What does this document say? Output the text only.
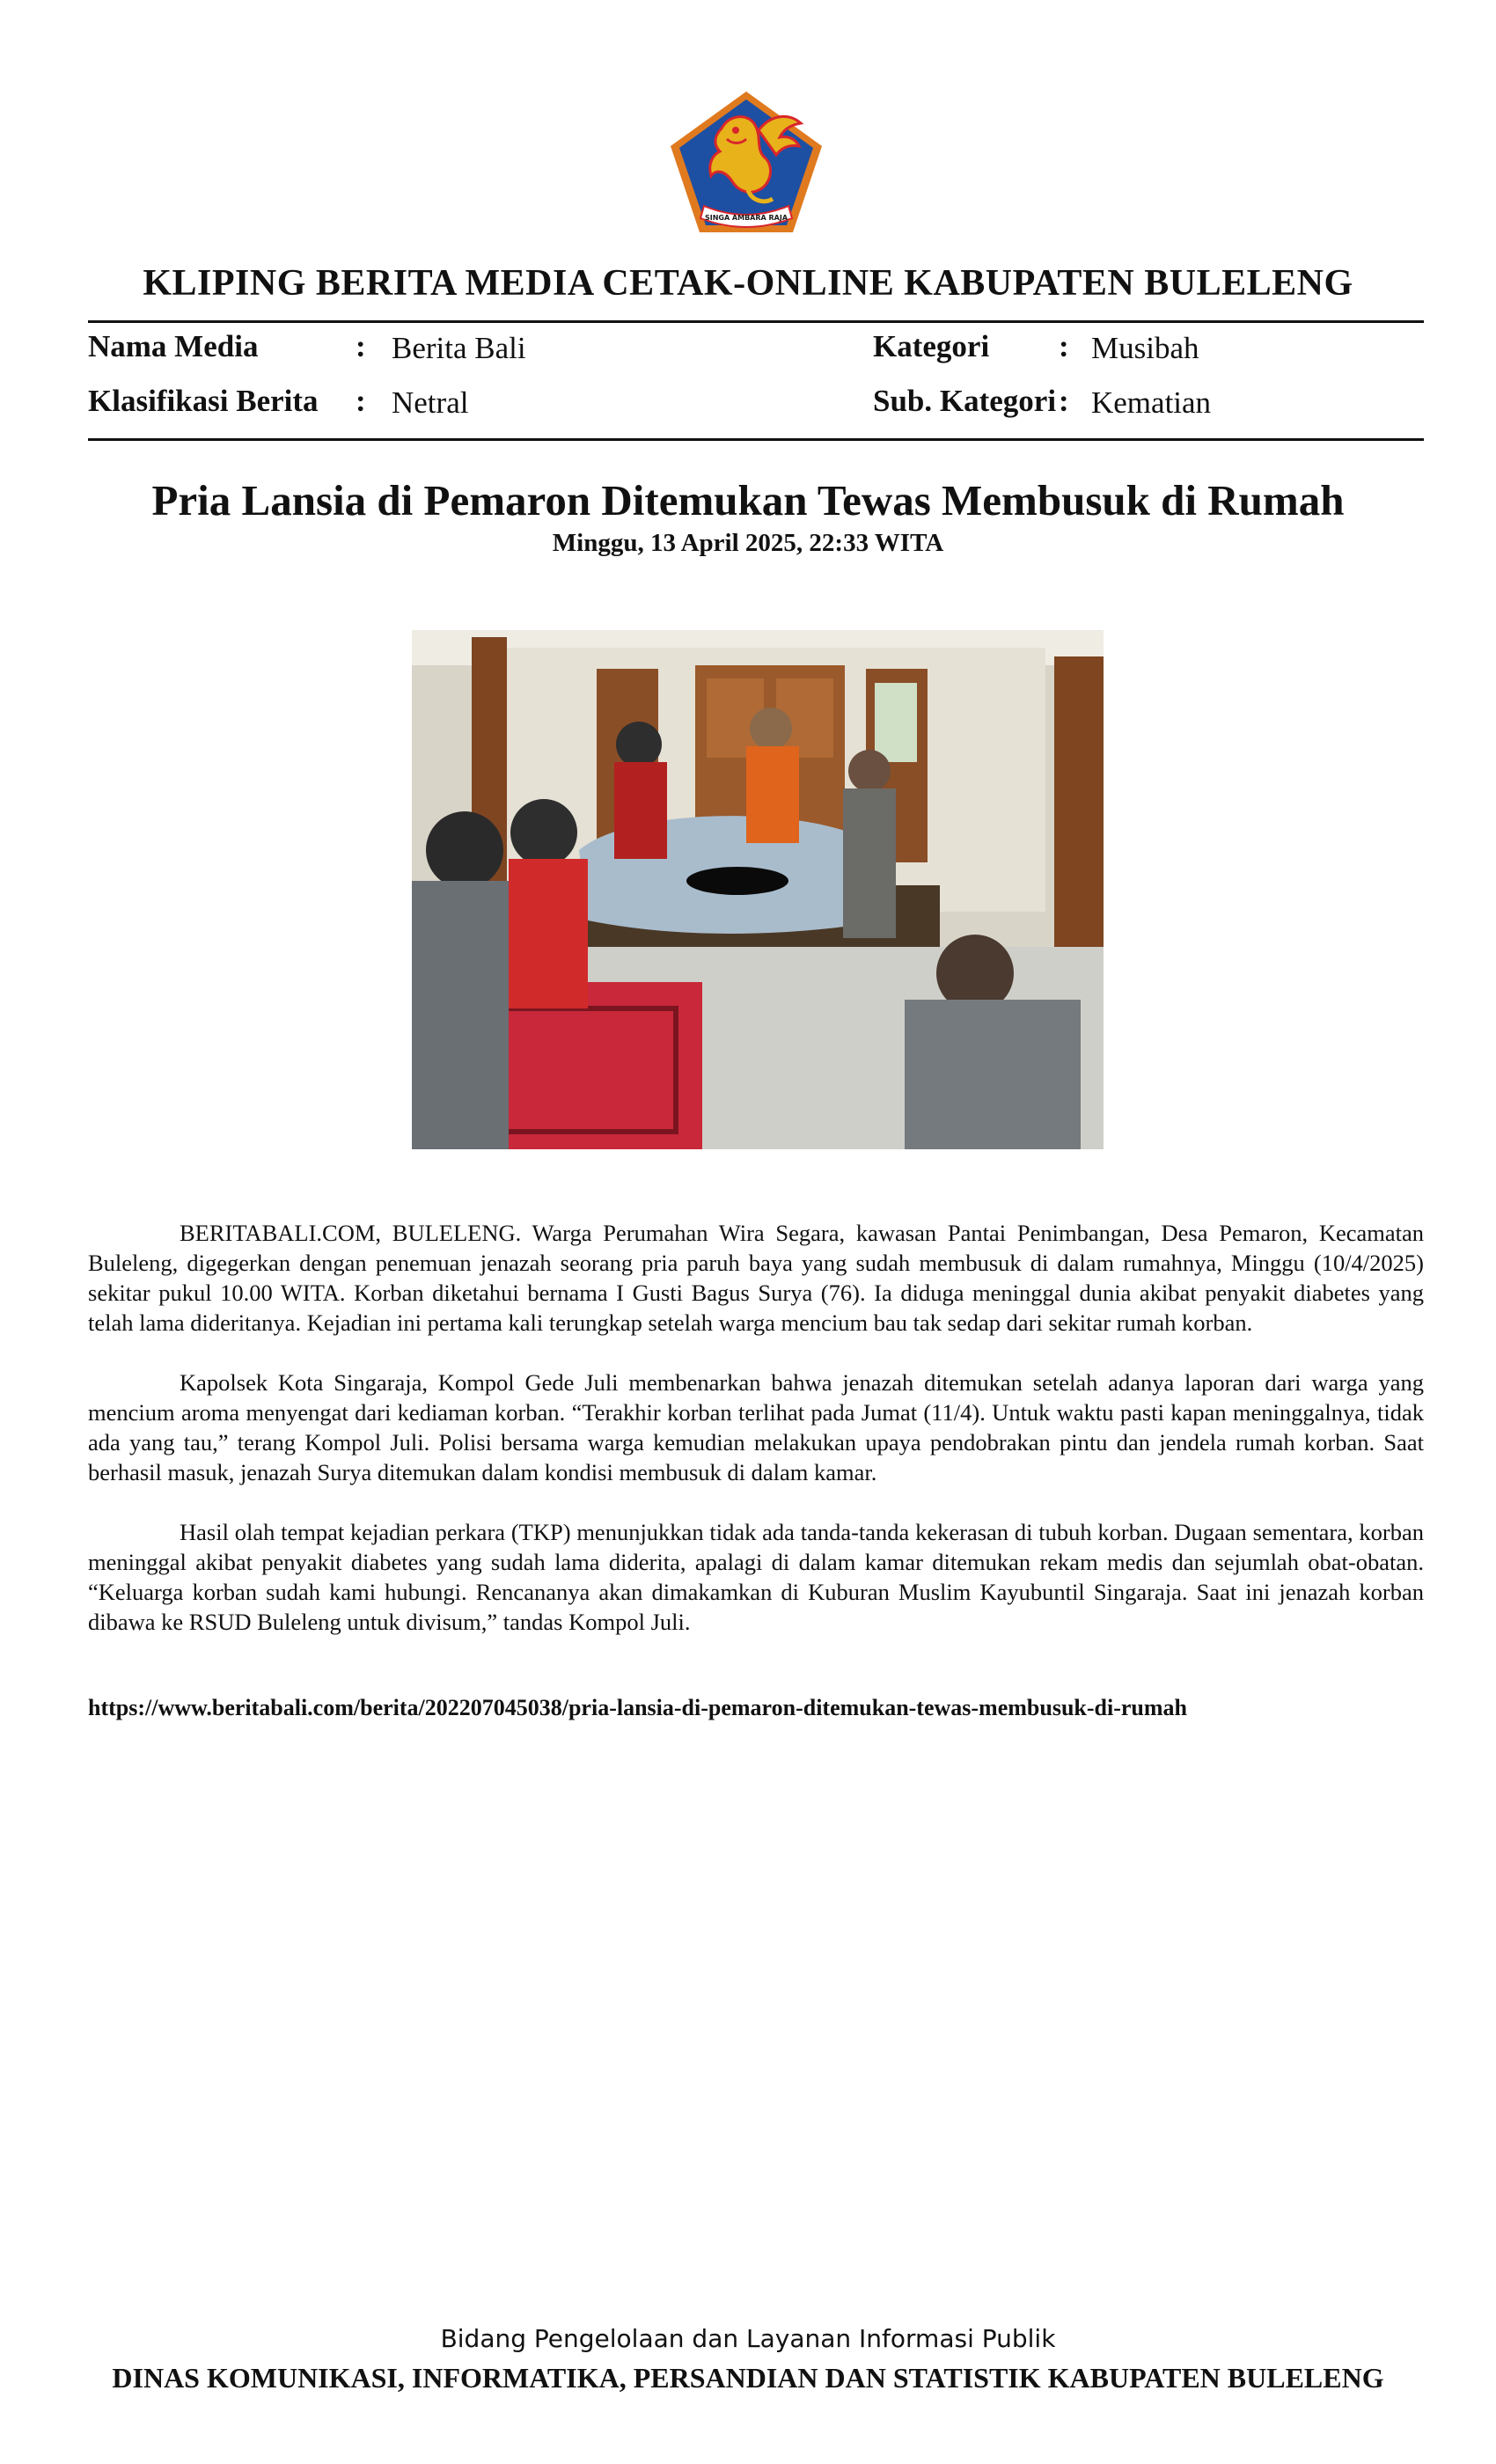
SINGA AMBARA RAJA
KLIPING BERITA MEDIA CETAK-ONLINE KABUPATEN BULELENG
Nama Media	: Berita Bali
Klasifikasi Berita : Netral
Kategori : Musibah
Sub. Kategori : Kematian
Pria Lansia di Pemaron Ditemukan Tewas Membusuk di Rumah
Minggu, 13 April 2025, 22:33 WITA

BERITABALI.COM, BULELENG. Warga Perumahan Wira Segara, kawasan Pantai Penimbangan, Desa Pemaron, Kecamatan Buleleng, digegerkan dengan penemuan jenazah seorang pria paruh baya yang sudah membusuk di dalam rumahnya, Minggu (10/4/2025) sekitar pukul 10.00 WITA. Korban diketahui bernama I Gusti Bagus Surya (76). Ia diduga meninggal dunia akibat penyakit diabetes yang telah lama dideritanya. Kejadian ini pertama kali terungkap setelah warga mencium bau tak sedap dari sekitar rumah korban.

Kapolsek Kota Singaraja, Kompol Gede Juli membenarkan bahwa jenazah ditemukan setelah adanya laporan dari warga yang mencium aroma menyengat dari kediaman korban. “Terakhir korban terlihat pada Jumat (11/4). Untuk waktu pasti kapan meninggalnya, tidak ada yang tau,” terang Kompol Juli. Polisi bersama warga kemudian melakukan upaya pendobrakan pintu dan jendela rumah korban. Saat berhasil masuk, jenazah Surya ditemukan dalam kondisi membusuk di dalam kamar.

Hasil olah tempat kejadian perkara (TKP) menunjukkan tidak ada tanda-tanda kekerasan di tubuh korban. Dugaan sementara, korban meninggal akibat penyakit diabetes yang sudah lama diderita, apalagi di dalam kamar ditemukan rekam medis dan sejumlah obat-obatan. “Keluarga korban sudah kami hubungi. Rencananya akan dimakamkan di Kuburan Muslim Kayubuntil Singaraja. Saat ini jenazah korban dibawa ke RSUD Buleleng untuk divisum,” tandas Kompol Juli.

https://www.beritabali.com/berita/202207045038/pria-lansia-di-pemaron-ditemukan-tewas-membusuk-di-rumah
Bidang Pengelolaan dan Layanan Informasi Publik
DINAS KOMUNIKASI, INFORMATIKA, PERSANDIAN DAN STATISTIK KABUPATEN BULELENG
